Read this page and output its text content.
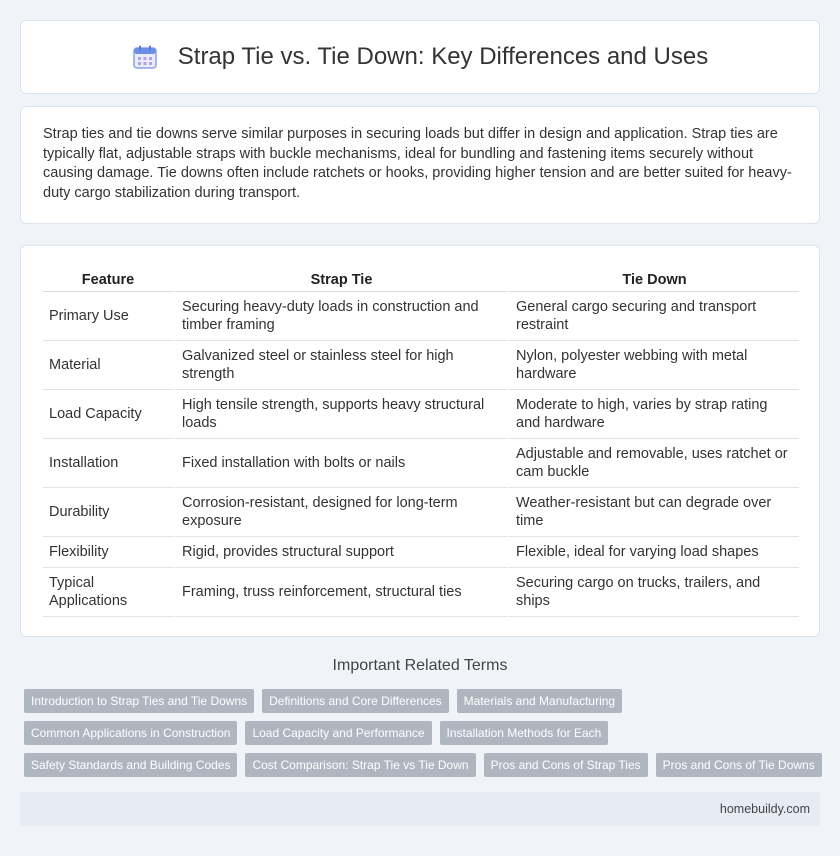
Strap Tie vs. Tie Down: Key Differences and Uses

Strap ties and tie downs serve similar purposes in securing loads but differ in design and application. Strap ties are typically flat, adjustable straps with buckle mechanisms, ideal for bundling and fastening items securely without causing damage. Tie downs often include ratchets or hooks, providing higher tension and are better suited for heavy-duty cargo stabilization during transport.

Feature	Strap Tie	Tie Down
Primary Use	Securing heavy-duty loads in construction and timber framing	General cargo securing and transport restraint
Material	Galvanized steel or stainless steel for high strength	Nylon, polyester webbing with metal hardware
Load Capacity	High tensile strength, supports heavy structural loads	Moderate to high, varies by strap rating and hardware
Installation	Fixed installation with bolts or nails	Adjustable and removable, uses ratchet or cam buckle
Durability	Corrosion-resistant, designed for long-term exposure	Weather-resistant but can degrade over time
Flexibility	Rigid, provides structural support	Flexible, ideal for varying load shapes
Typical Applications	Framing, truss reinforcement, structural ties	Securing cargo on trucks, trailers, and ships
Important Related Terms
Introduction to Strap Ties and Tie Downs	Definitions and Core Differences	Materials and Manufacturing
Common Applications in Construction	Load Capacity and Performance	Installation Methods for Each
Safety Standards and Building Codes	Cost Comparison: Strap Tie vs Tie Down	Pros and Cons of Strap Ties	Pros and Cons of Tie Downs
homebuildy.com
